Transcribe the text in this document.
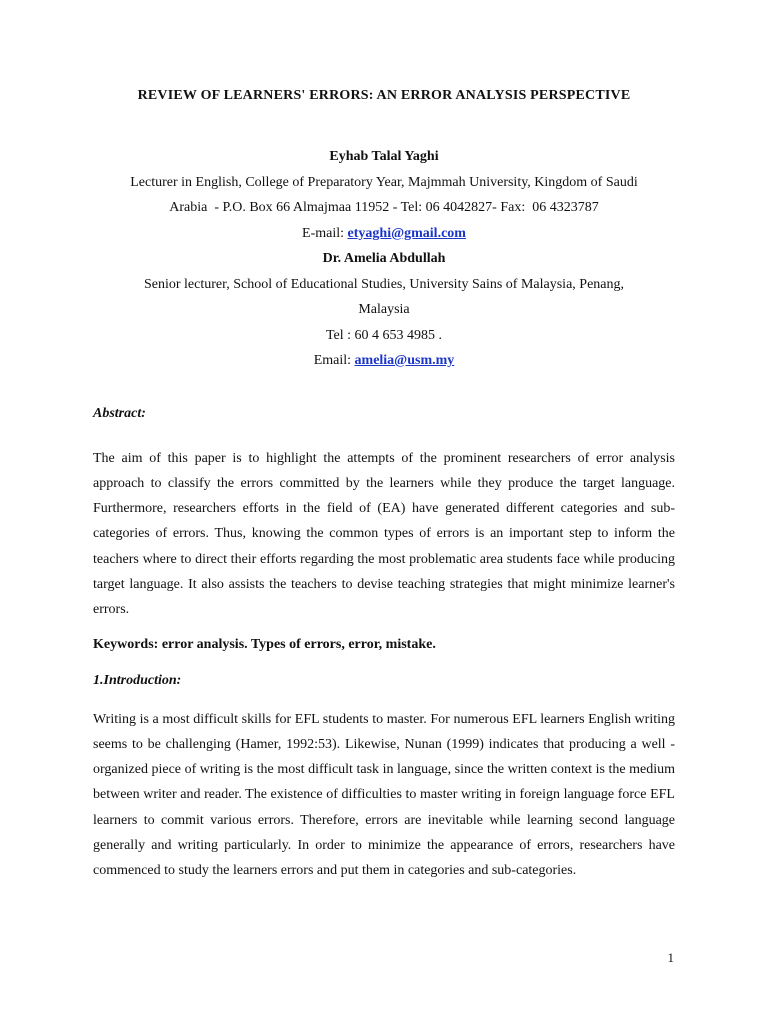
REVIEW OF LEARNERS' ERRORS: AN ERROR ANALYSIS PERSPECTIVE
Eyhab Talal Yaghi
Lecturer in English, College of Preparatory Year, Majmmah University, Kingdom of Saudi
Arabia  - P.O. Box 66 Almajmaa 11952 - Tel: 06 4042827- Fax:  06 4323787
E-mail: etyaghi@gmail.com
Dr. Amelia Abdullah
Senior lecturer, School of Educational Studies, University Sains of Malaysia, Penang,
Malaysia
Tel : 60 4 653 4985 .
Email: amelia@usm.my
Abstract:

The aim of this paper is to highlight the attempts of the prominent researchers of error analysis approach to classify the errors committed by the learners while they produce the target language. Furthermore, researchers efforts in the field of (EA) have generated different categories and sub-categories of errors. Thus, knowing the common types of errors is an important step to inform the teachers where to direct their efforts regarding the most problematic area students face while producing target language. It also assists the teachers to devise teaching strategies that might minimize learner's errors.

Keywords: error analysis. Types of errors, error, mistake.
1.Introduction:

Writing is a most difficult skills for EFL students to master. For numerous EFL learners English writing seems to be challenging (Hamer, 1992:53). Likewise, Nunan (1999) indicates that producing a well - organized piece of writing is the most difficult task in language, since the written context is the medium between writer and reader. The existence of difficulties to master writing in foreign language force EFL learners to commit various errors. Therefore, errors are inevitable while learning second language generally and writing particularly. In order to minimize the appearance of errors, researchers have commenced to study the learners errors and put them in categories and sub-categories.

1
